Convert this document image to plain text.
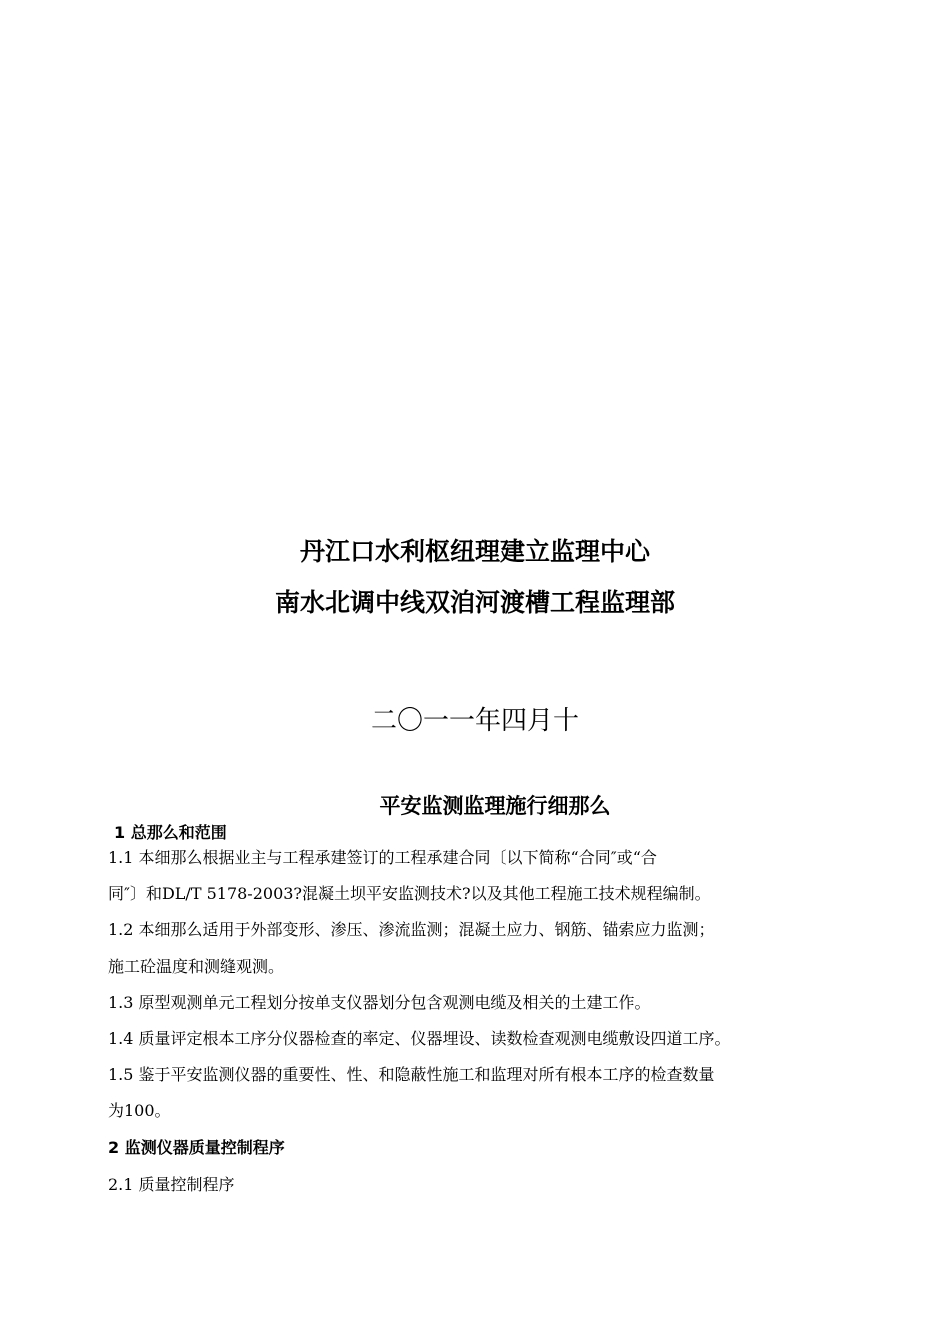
丹江口水利枢纽理建立监理中心
南水北调中线双洎河渡槽工程监理部
二〇一一年四月十
平安监测监理施行细那么
1 总那么和范围
1.1 本细那么根据业主与工程承建签订的工程承建合同〔以下简称“合同″或“合
同″〕和DL/T 5178-2003?混凝土坝平安监测技术?以及其他工程施工技术规程编制。
1.2 本细那么适用于外部变形、渗压、渗流监测；混凝土应力、钢筋、锚索应力监测；
施工砼温度和测缝观测。
1.3 原型观测单元工程划分按单支仪器划分包含观测电缆及相关的土建工作。
1.4 质量评定根本工序分仪器检查的率定、仪器埋设、读数检查观测电缆敷设四道工序。
1.5 鉴于平安监测仪器的重要性、性、和隐蔽性施工和监理对所有根本工序的检查数量
为100。
2 监测仪器质量控制程序
2.1 质量控制程序
